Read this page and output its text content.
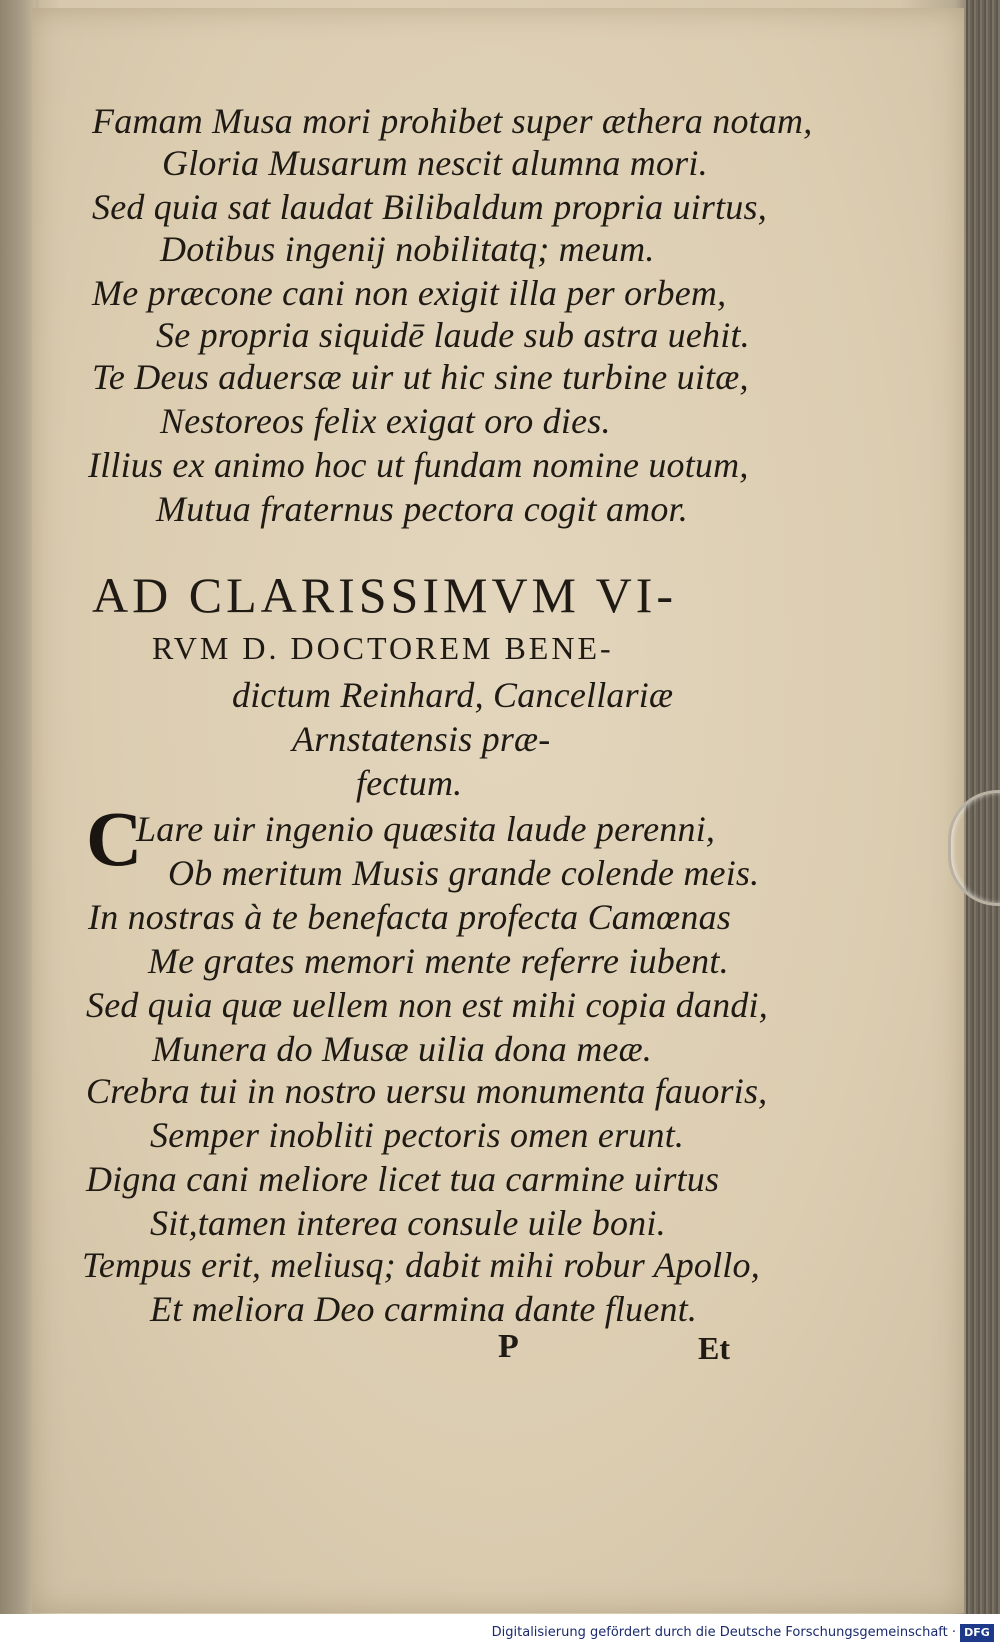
Famam Musa mori prohibet super æthera notam,
Gloria Musarum nescit alumna mori.
Sed quia sat laudat Bilibaldum propria uirtus,
Dotibus ingenij nobilitatq; meum.
Me præcone cani non exigit illa per orbem,
Se propria siquidē laude sub astra uehit.
Te Deus aduersæ uir ut hic sine turbine uitæ,
Nestoreos felix exigat oro dies.
Illius ex animo hoc ut fundam nomine uotum,
Mutua fraternus pectora cogit amor.
AD CLARISSIMVM VI-
RVM D. DOCTOREM BENE-
dictum Reinhard, Cancellariæ
Arnstatensis præ-
fectum.
C
Lare uir ingenio quæsita laude perenni,
Ob meritum Musis grande colende meis.
In nostras à te benefacta profecta Camœnas
Me grates memori mente referre iubent.
Sed quia quæ uellem non est mihi copia dandi,
Munera do Musæ uilia dona meæ.
Crebra tui in nostro uersu monumenta fauoris,
Semper inobliti pectoris omen erunt.
Digna cani meliore licet tua carmine uirtus
Sit,tamen interea consule uile boni.
Tempus erit, meliusq; dabit mihi robur Apollo,
Et meliora Deo carmina dante fluent.
P	Et
Digitalisierung gefördert durch die Deutsche Forschungsgemeinschaft · DFG
